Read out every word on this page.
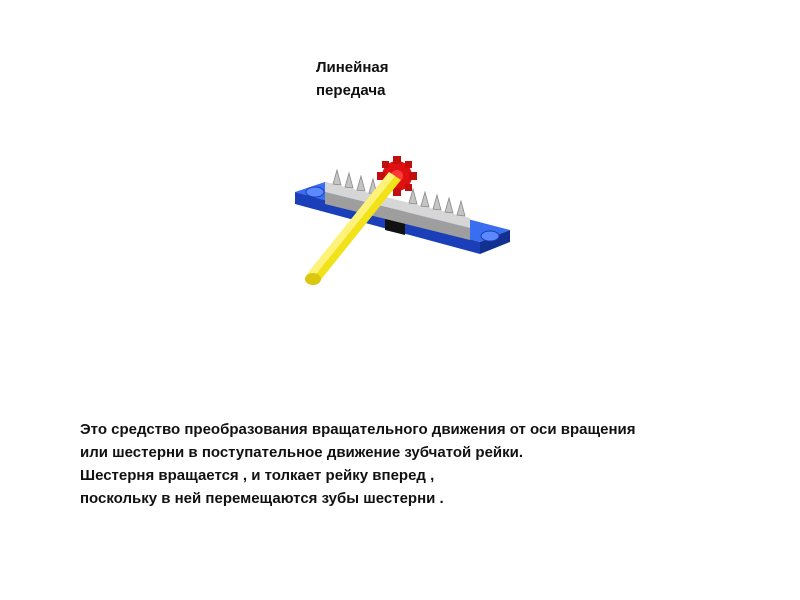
Линейная
передача

Это средство преобразования вращательного движения от оси вращения
или шестерни в поступательное движение зубчатой рейки.
Шестерня вращается , и толкает рейку вперед ,
поскольку в ней перемещаются зубы шестерни .
